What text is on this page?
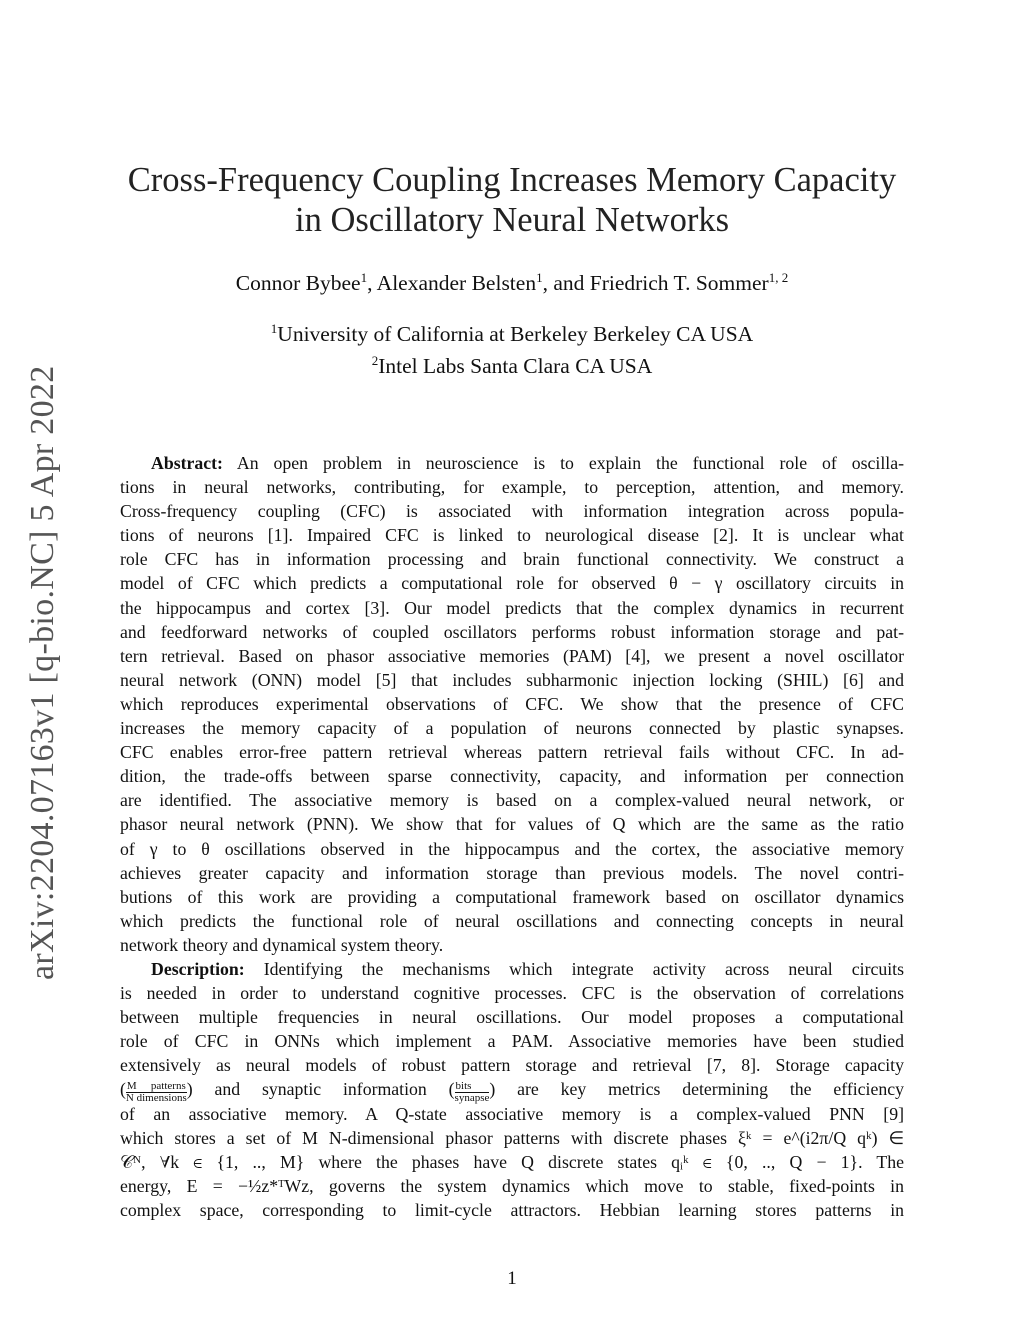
arXiv:2204.07163v1 [q-bio.NC] 5 Apr 2022
Cross-Frequency Coupling Increases Memory Capacity
in Oscillatory Neural Networks
Connor Bybee$^1$, Alexander Belsten$^1$, and Friedrich T. Sommer$^{1, 2}$
$^1$University of California at Berkeley Berkeley CA USA
$^2$Intel Labs Santa Clara CA USA
Abstract: An open problem in neuroscience is to explain the functional role of oscilla-
tions in neural networks, contributing, for example, to perception, attention, and memory.
Cross-frequency coupling (CFC) is associated with information integration across popula-
tions of neurons [1]. Impaired CFC is linked to neurological disease [2]. It is unclear what
role CFC has in information processing and brain functional connectivity. We construct a
model of CFC which predicts a computational role for observed θ − γ oscillatory circuits in
the hippocampus and cortex [3]. Our model predicts that the complex dynamics in recurrent
and feedforward networks of coupled oscillators performs robust information storage and pat-
tern retrieval. Based on phasor associative memories (PAM) [4], we present a novel oscillator
neural network (ONN) model [5] that includes subharmonic injection locking (SHIL) [6] and
which reproduces experimental observations of CFC. We show that the presence of CFC
increases the memory capacity of a population of neurons connected by plastic synapses.
CFC enables error-free pattern retrieval whereas pattern retrieval fails without CFC. In ad-
dition, the trade-offs between sparse connectivity, capacity, and information per connection
are identified. The associative memory is based on a complex-valued neural network, or
phasor neural network (PNN). We show that for values of Q which are the same as the ratio
of γ to θ oscillations observed in the hippocampus and the cortex, the associative memory
achieves greater capacity and information storage than previous models. The novel contri-
butions of this work are providing a computational framework based on oscillator dynamics
which predicts the functional role of neural oscillations and connecting concepts in neural
network theory and dynamical system theory.
Description: Identifying the mechanisms which integrate activity across neural circuits
is needed in order to understand cognitive processes. CFC is the observation of correlations
between multiple frequencies in neural oscillations. Our model proposes a computational
role of CFC in ONNs which implement a PAM. Associative memories have been studied
extensively as neural models of robust pattern storage and retrieval [7, 8]. Storage capacity
( $\frac{\text{M patterns}}{\text{N dimensions}}$ ) and synaptic information ( $\frac{\text{bits}}{\text{synapse}}$ ) are key metrics determining the efficiency
of an associative memory. A Q-state associative memory is a complex-valued PNN [9]
which stores a set of M N-dimensional phasor patterns with discrete phases ξᵏ = e^(i2π/Q qᵏ) ∈
𝒞ᴺ, ∀k ∈ {1, .., M} where the phases have Q discrete states qᵢᵏ ∈ {0, .., Q − 1}. The
energy, E = −½z*ᵀWz, governs the system dynamics which move to stable, fixed-points in
complex space, corresponding to limit-cycle attractors. Hebbian learning stores patterns in
1
